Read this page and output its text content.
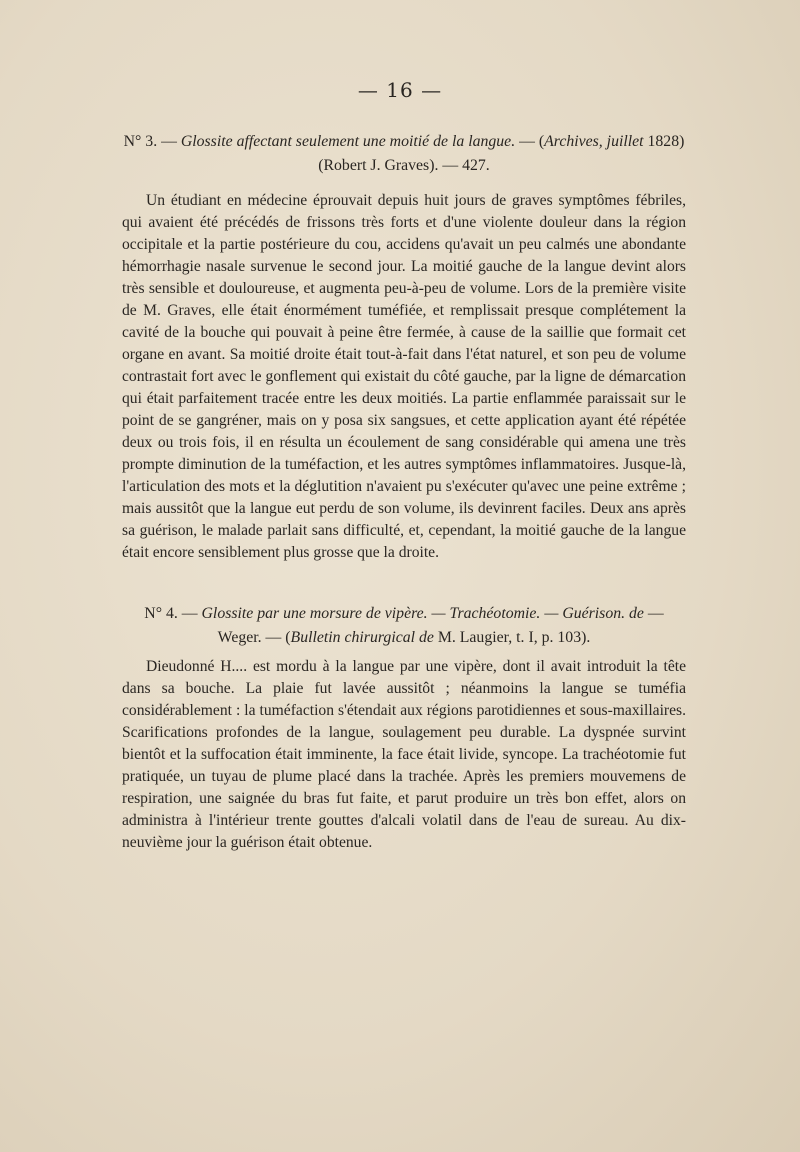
— 16 —
N° 3. — Glossite affectant seulement une moitié de la langue. — (Archives, juillet 1828) (Robert J. Graves). — 427.
Un étudiant en médecine éprouvait depuis huit jours de graves symptômes fébriles, qui avaient été précédés de frissons très forts et d'une violente douleur dans la région occipitale et la partie postérieure du cou, accidens qu'avait un peu calmés une abondante hémorrhagie nasale survenue le second jour. La moitié gauche de la langue devint alors très sensible et douloureuse, et augmenta peu-à-peu de volume. Lors de la première visite de M. Graves, elle était énormément tuméfiée, et remplissait presque complétement la cavité de la bouche qui pouvait à peine être fermée, à cause de la saillie que formait cet organe en avant. Sa moitié droite était tout-à-fait dans l'état naturel, et son peu de volume contrastait fort avec le gonflement qui existait du côté gauche, par la ligne de démarcation qui était parfaitement tracée entre les deux moitiés. La partie enflammée paraissait sur le point de se gangréner, mais on y posa six sangsues, et cette application ayant été répétée deux ou trois fois, il en résulta un écoulement de sang considérable qui amena une très prompte diminution de la tuméfaction, et les autres symptômes inflammatoires. Jusque-là, l'articulation des mots et la déglutition n'avaient pu s'exécuter qu'avec une peine extrême ; mais aussitôt que la langue eut perdu de son volume, ils devinrent faciles. Deux ans après sa guérison, le malade parlait sans difficulté, et, cependant, la moitié gauche de la langue était encore sensiblement plus grosse que la droite.
N° 4. — Glossite par une morsure de vipère. — Trachéotomie. — Guérison. de — Weger. — (Bulletin chirurgical de M. Laugier, t. I, p. 103).
Dieudonné H.... est mordu à la langue par une vipère, dont il avait introduit la tête dans sa bouche. La plaie fut lavée aussitôt ; néanmoins la langue se tuméfia considérablement : la tuméfaction s'étendait aux régions parotidiennes et sous-maxillaires. Scarifications profondes de la langue, soulagement peu durable. La dyspnée survint bientôt et la suffocation était imminente, la face était livide, syncope. La trachéotomie fut pratiquée, un tuyau de plume placé dans la trachée. Après les premiers mouvemens de respiration, une saignée du bras fut faite, et parut produire un très bon effet, alors on administra à l'intérieur trente gouttes d'alcali volatil dans de l'eau de sureau. Au dix-neuvième jour la guérison était obtenue.
